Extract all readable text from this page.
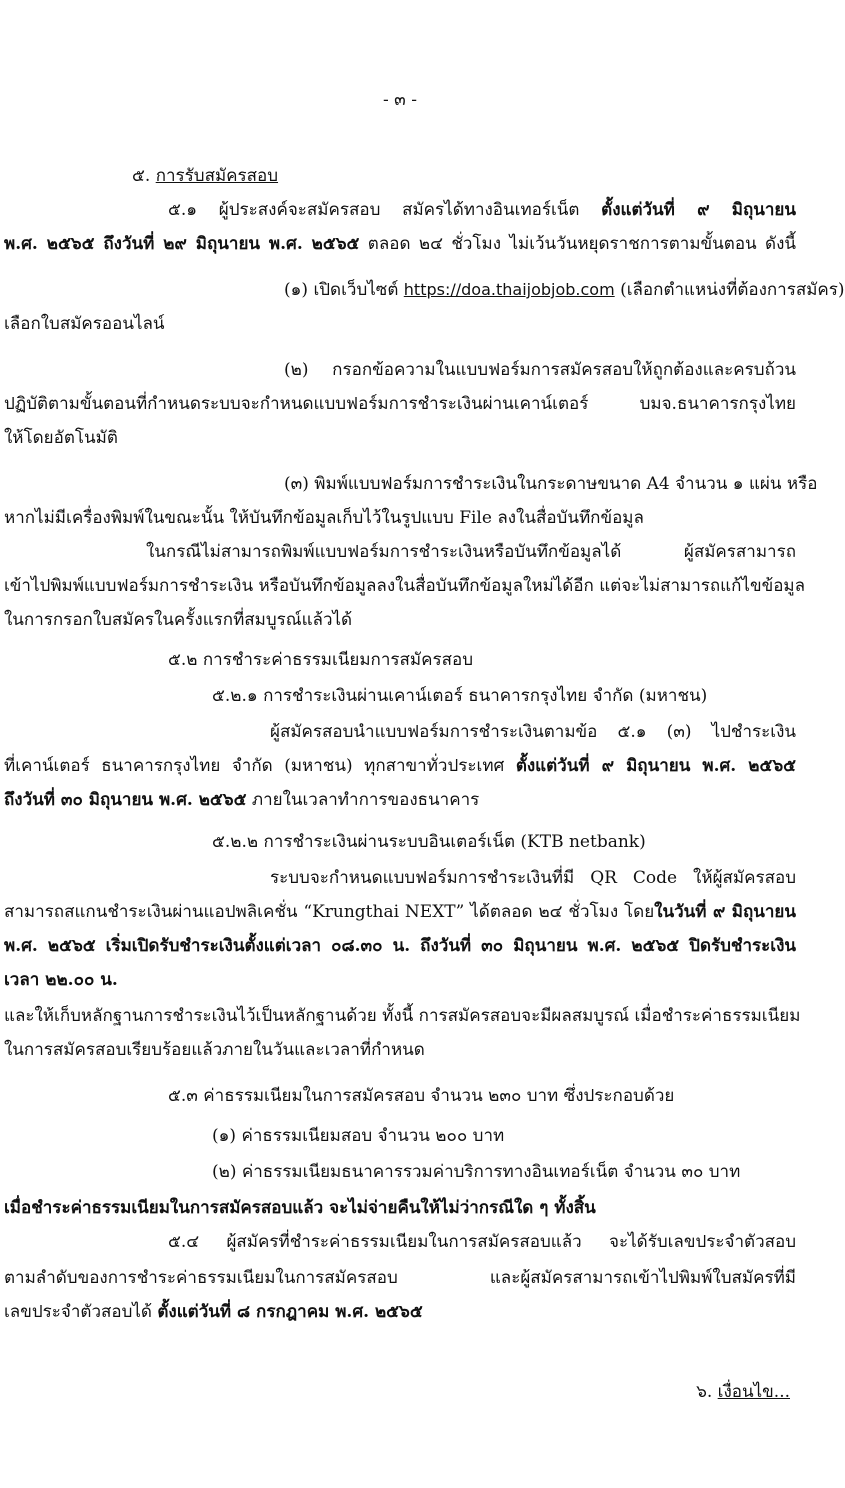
- ๓ -
๕. การรับสมัครสอบ
๕.๑ ผู้ประสงค์จะสมัครสอบ สมัครได้ทางอินเทอร์เน็ต ตั้งแต่วันที่ ๙ มิถุนายน
พ.ศ. ๒๕๖๕ ถึงวันที่ ๒๙ มิถุนายน พ.ศ. ๒๕๖๕ ตลอด ๒๔ ชั่วโมง ไม่เว้นวันหยุดราชการตามขั้นตอน ดังนี้
(๑) เปิดเว็บไซต์ https://doa.thaijobjob.com (เลือกตำแหน่งที่ต้องการสมัคร)
เลือกใบสมัครออนไลน์
(๒) กรอกข้อความในแบบฟอร์มการสมัครสอบให้ถูกต้องและครบถ้วน
ปฏิบัติตามขั้นตอนที่กำหนดระบบจะกำหนดแบบฟอร์มการชำระเงินผ่านเคาน์เตอร์ บมจ.ธนาคารกรุงไทย
ให้โดยอัตโนมัติ
(๓) พิมพ์แบบฟอร์มการชำระเงินในกระดาษขนาด A4 จำนวน ๑ แผ่น หรือ
หากไม่มีเครื่องพิมพ์ในขณะนั้น ให้บันทึกข้อมูลเก็บไว้ในรูปแบบ File ลงในสื่อบันทึกข้อมูล
ในกรณีไม่สามารถพิมพ์แบบฟอร์มการชำระเงินหรือบันทึกข้อมูลได้ ผู้สมัครสามารถ
เข้าไปพิมพ์แบบฟอร์มการชำระเงิน หรือบันทึกข้อมูลลงในสื่อบันทึกข้อมูลใหม่ได้อีก แต่จะไม่สามารถแก้ไขข้อมูล
ในการกรอกใบสมัครในครั้งแรกที่สมบูรณ์แล้วได้
๕.๒ การชำระค่าธรรมเนียมการสมัครสอบ
๕.๒.๑ การชำระเงินผ่านเคาน์เตอร์ ธนาคารกรุงไทย จำกัด (มหาชน)
ผู้สมัครสอบนำแบบฟอร์มการชำระเงินตามข้อ ๕.๑ (๓) ไปชำระเงิน
ที่เคาน์เตอร์ ธนาคารกรุงไทย จำกัด (มหาชน) ทุกสาขาทั่วประเทศ ตั้งแต่วันที่ ๙ มิถุนายน พ.ศ. ๒๕๖๕
ถึงวันที่ ๓๐ มิถุนายน พ.ศ. ๒๕๖๕ ภายในเวลาทำการของธนาคาร
๕.๒.๒ การชำระเงินผ่านระบบอินเตอร์เน็ต (KTB netbank)
ระบบจะกำหนดแบบฟอร์มการชำระเงินที่มี QR Code ให้ผู้สมัครสอบ
สามารถสแกนชำระเงินผ่านแอปพลิเคชั่น “Krungthai NEXT” ได้ตลอด ๒๔ ชั่วโมง โดยในวันที่ ๙ มิถุนายน
พ.ศ. ๒๕๖๕ เริ่มเปิดรับชำระเงินตั้งแต่เวลา ๐๘.๓๐ น. ถึงวันที่ ๓๐ มิถุนายน พ.ศ. ๒๕๖๕ ปิดรับชำระเงิน
เวลา ๒๒.๐๐ น.
และให้เก็บหลักฐานการชำระเงินไว้เป็นหลักฐานด้วย ทั้งนี้ การสมัครสอบจะมีผลสมบูรณ์ เมื่อชำระค่าธรรมเนียม
ในการสมัครสอบเรียบร้อยแล้วภายในวันและเวลาที่กำหนด
๕.๓ ค่าธรรมเนียมในการสมัครสอบ จำนวน ๒๓๐ บาท ซึ่งประกอบด้วย
(๑) ค่าธรรมเนียมสอบ จำนวน ๒๐๐ บาท
(๒) ค่าธรรมเนียมธนาคารรวมค่าบริการทางอินเทอร์เน็ต จำนวน ๓๐ บาท
เมื่อชำระค่าธรรมเนียมในการสมัครสอบแล้ว จะไม่จ่ายคืนให้ไม่ว่ากรณีใด ๆ ทั้งสิ้น
๕.๔ ผู้สมัครที่ชำระค่าธรรมเนียมในการสมัครสอบแล้ว จะได้รับเลขประจำตัวสอบ
ตามลำดับของการชำระค่าธรรมเนียมในการสมัครสอบ และผู้สมัครสามารถเข้าไปพิมพ์ใบสมัครที่มี
เลขประจำตัวสอบได้ ตั้งแต่วันที่ ๘ กรกฎาคม พ.ศ. ๒๕๖๕
๖. เงื่อนไข...
